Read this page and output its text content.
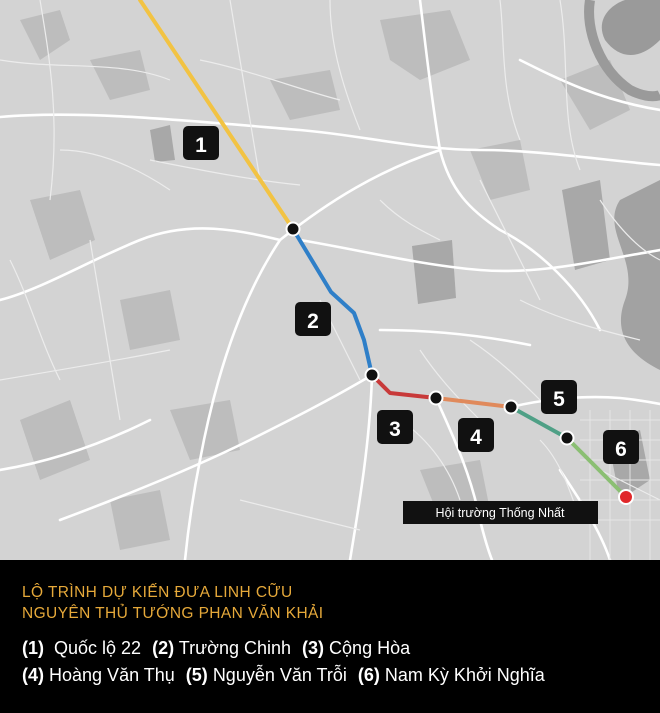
1
2
3	4
5
6
Hội trường Thống Nhất
LỘ TRÌNH DỰ KIẾN ĐƯA LINH CỮU
NGUYÊN THỦ TƯỚNG PHAN VĂN KHẢI
(1) Quốc lộ 22 (2) Trường Chinh (3) Cộng Hòa
(4) Hoàng Văn Thụ (5) Nguyễn Văn Trỗi (6) Nam Kỳ Khởi Nghĩa
